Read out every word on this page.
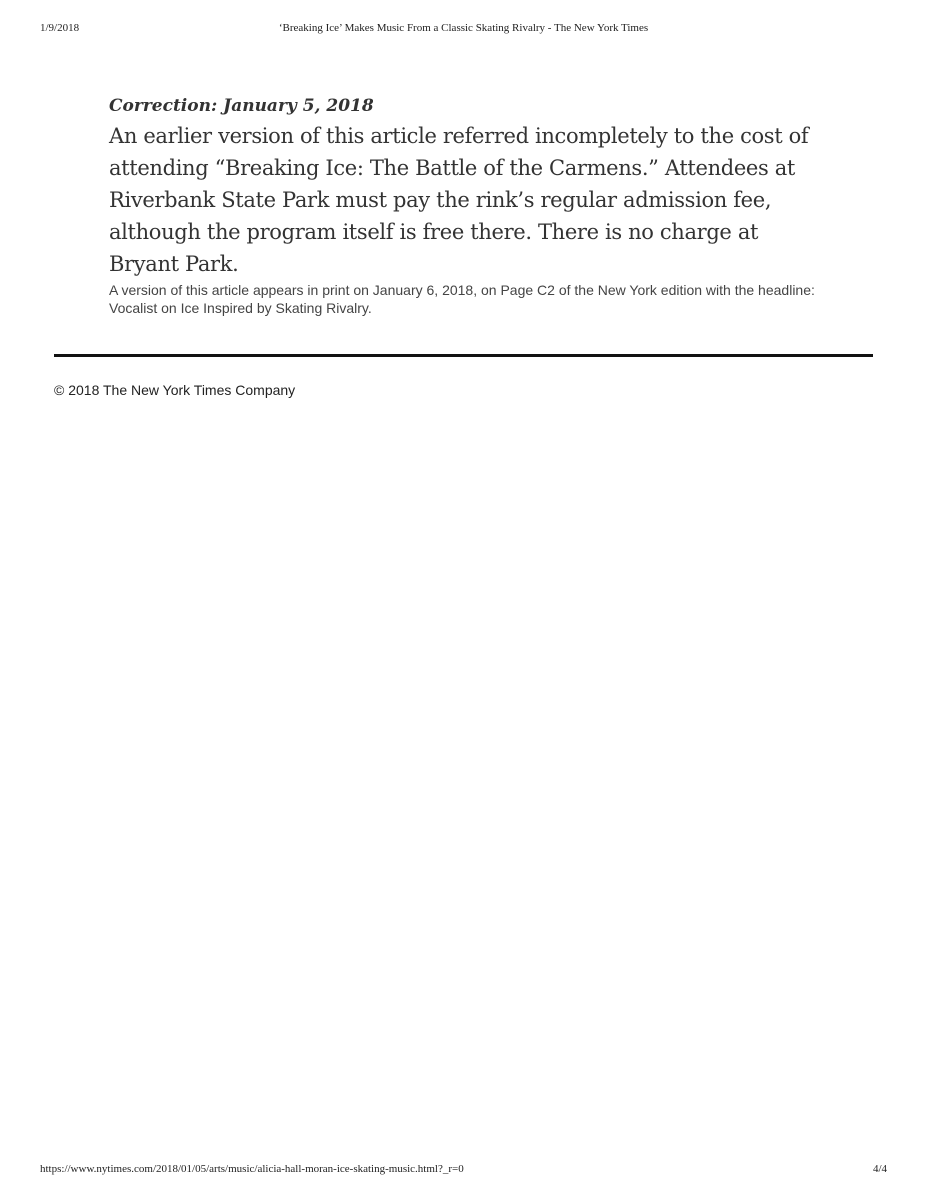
1/9/2018	‘Breaking Ice’ Makes Music From a Classic Skating Rivalry - The New York Times

Correction: January 5, 2018

An earlier version of this article referred incompletely to the cost of attending “Breaking Ice: The Battle of the Carmens.” Attendees at Riverbank State Park must pay the rink’s regular admission fee, although the program itself is free there. There is no charge at Bryant Park.

A version of this article appears in print on January 6, 2018, on Page C2 of the New York edition with the headline: Vocalist on Ice Inspired by Skating Rivalry.

© 2018 The New York Times Company
https://www.nytimes.com/2018/01/05/arts/music/alicia-hall-moran-ice-skating-music.html?_r=0	4/4
